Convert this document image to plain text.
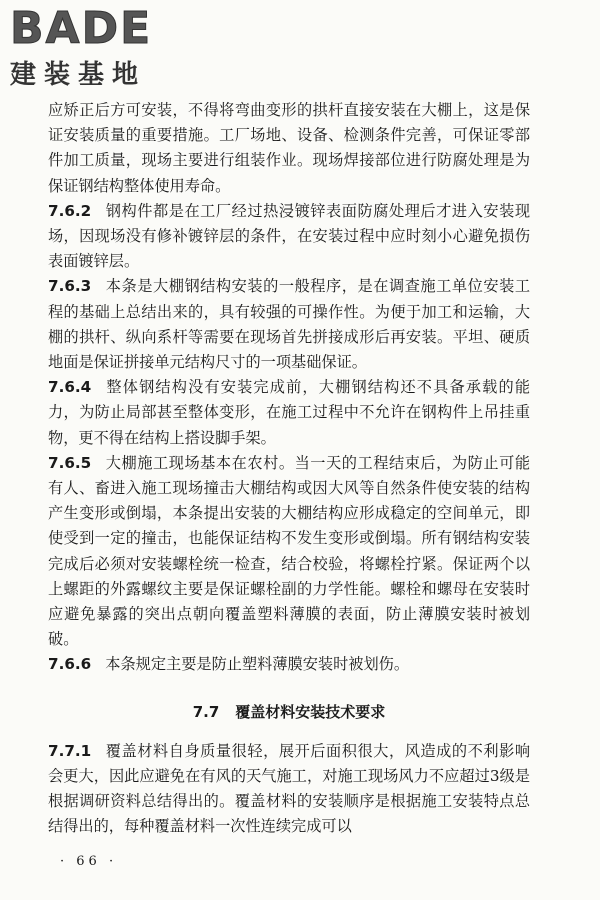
BADE
建装基地

应矫正后方可安装，不得将弯曲变形的拱杆直接安装在大棚上，这是保证安装质量的重要措施。工厂场地、设备、检测条件完善，可保证零部件加工质量，现场主要进行组装作业。现场焊接部位进行防腐处理是为保证钢结构整体使用寿命。

7.6.2 钢构件都是在工厂经过热浸镀锌表面防腐处理后才进入安装现场，因现场没有修补镀锌层的条件，在安装过程中应时刻小心避免损伤表面镀锌层。

7.6.3 本条是大棚钢结构安装的一般程序，是在调查施工单位安装工程的基础上总结出来的，具有较强的可操作性。为便于加工和运输，大棚的拱杆、纵向系杆等需要在现场首先拼接成形后再安装。平坦、硬质地面是保证拼接单元结构尺寸的一项基础保证。

7.6.4 整体钢结构没有安装完成前，大棚钢结构还不具备承载的能力，为防止局部甚至整体变形，在施工过程中不允许在钢构件上吊挂重物，更不得在结构上搭设脚手架。

7.6.5 大棚施工现场基本在农村。当一天的工程结束后，为防止可能有人、畜进入施工现场撞击大棚结构或因大风等自然条件使安装的结构产生变形或倒塌，本条提出安装的大棚结构应形成稳定的空间单元，即使受到一定的撞击，也能保证结构不发生变形或倒塌。所有钢结构安装完成后必须对安装螺栓统一检查，结合校验，将螺栓拧紧。保证两个以上螺距的外露螺纹主要是保证螺栓副的力学性能。螺栓和螺母在安装时应避免暴露的突出点朝向覆盖塑料薄膜的表面，防止薄膜安装时被划破。

7.6.6 本条规定主要是防止塑料薄膜安装时被划伤。

7.7 覆盖材料安装技术要求

7.7.1 覆盖材料自身质量很轻，展开后面积很大，风造成的不利影响会更大，因此应避免在有风的天气施工，对施工现场风力不应超过3级是根据调研资料总结得出的。覆盖材料的安装顺序是根据施工安装特点总结得出的，每种覆盖材料一次性连续完成可以

· 66 ·
